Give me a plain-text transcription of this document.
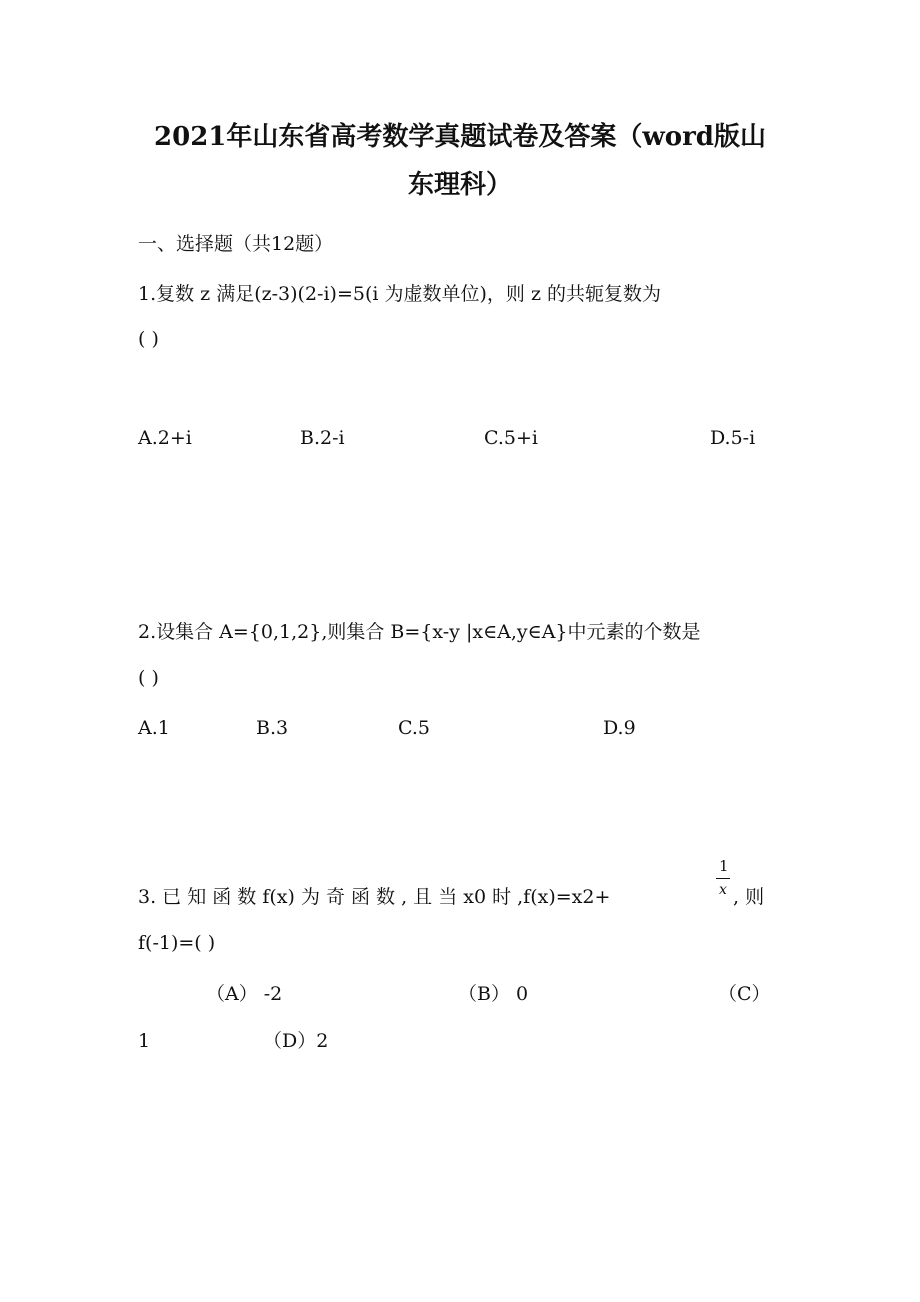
2021年山东省高考数学真题试卷及答案（word版山
东理科）
一、选择题（共12题）
1.复数 z 满足(z-3)(2-i)=5(i 为虚数单位)，则 z 的共轭复数为
( )
A.2+i	B.2-i	C.5+i	D.5-i
2.设集合 A={0,1,2},则集合 B={x-y |x∈A,y∈A}中元素的个数是
( )
A.1	B.3	C.5	D.9
3. 已 知 函 数 f(x) 为 奇 函 数 , 且 当 x0 时 ,f(x)=x2+
1
x , 则
f(-1)=( )
（A） -2	（B） 0	（C）
1	（D）2
